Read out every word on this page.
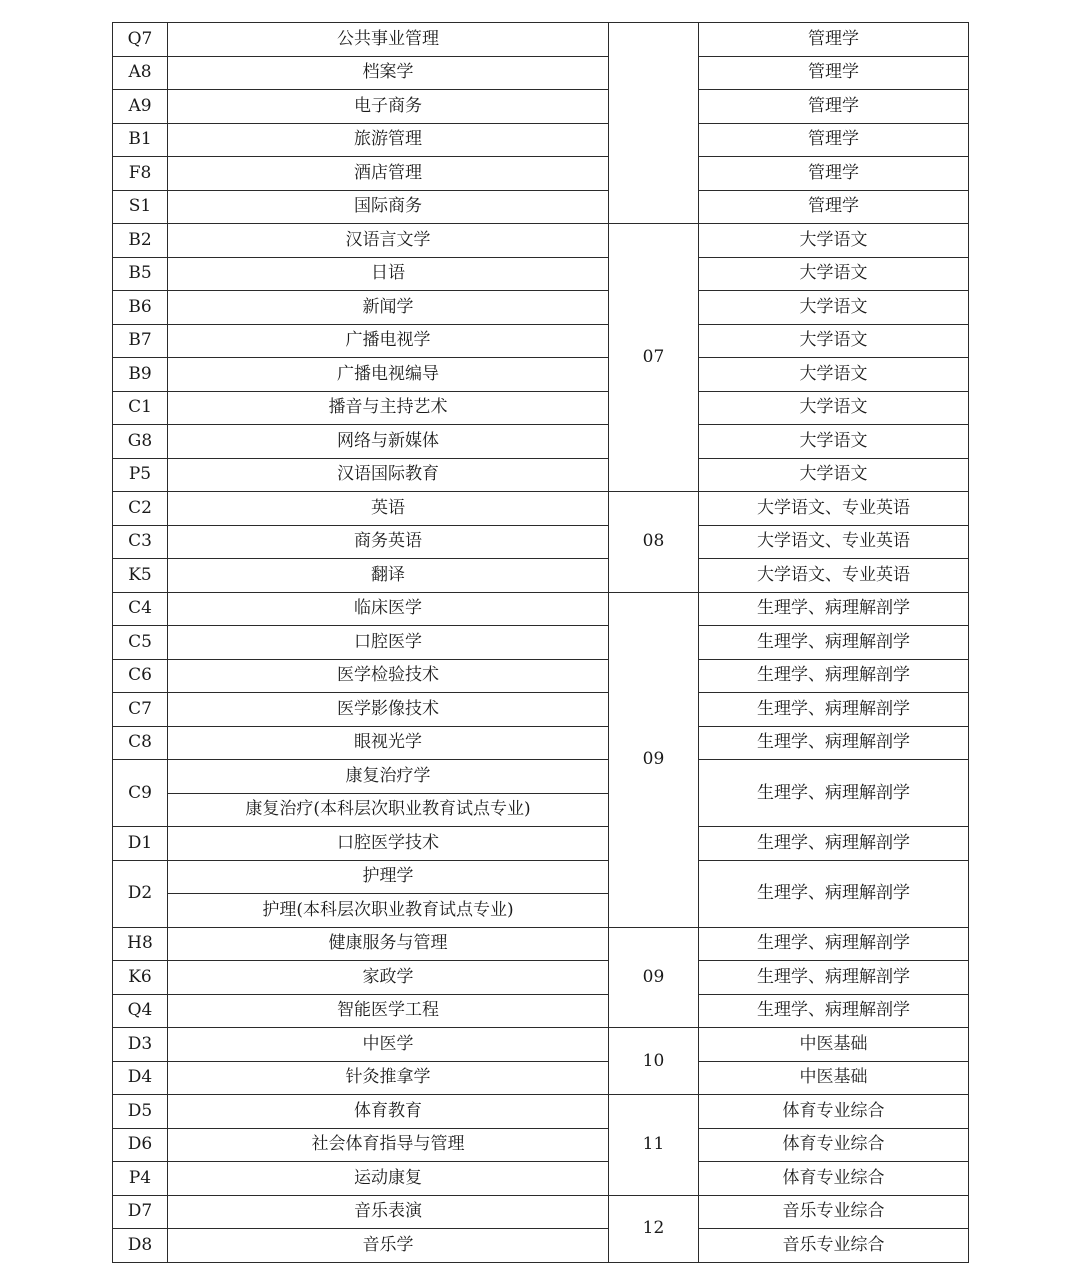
Q7	公共事业管理		管理学
A8	档案学		管理学
A9	电子商务		管理学
B1	旅游管理		管理学
F8	酒店管理		管理学
S1	国际商务		管理学
B2	汉语言文学	07	大学语文
B5	日语		大学语文
B6	新闻学		大学语文
B7	广播电视学		大学语文
B9	广播电视编导		大学语文
C1	播音与主持艺术		大学语文
G8	网络与新媒体		大学语文
P5	汉语国际教育		大学语文
C2	英语	08	大学语文、专业英语
C3	商务英语		大学语文、专业英语
K5	翻译		大学语文、专业英语
C4	临床医学	09	生理学、病理解剖学
C5	口腔医学		生理学、病理解剖学
C6	医学检验技术		生理学、病理解剖学
C7	医学影像技术		生理学、病理解剖学
C8	眼视光学		生理学、病理解剖学
C9	康复治疗学		生理学、病理解剖学
	康复治疗(本科层次职业教育试点专业)		
D1	口腔医学技术		生理学、病理解剖学
D2	护理学		生理学、病理解剖学
	护理(本科层次职业教育试点专业)		
H8	健康服务与管理	09	生理学、病理解剖学
K6	家政学		生理学、病理解剖学
Q4	智能医学工程		生理学、病理解剖学
D3	中医学	10	中医基础
D4	针灸推拿学		中医基础
D5	体育教育	11	体育专业综合
D6	社会体育指导与管理		体育专业综合
P4	运动康复		体育专业综合
D7	音乐表演	12	音乐专业综合
D8	音乐学		音乐专业综合
